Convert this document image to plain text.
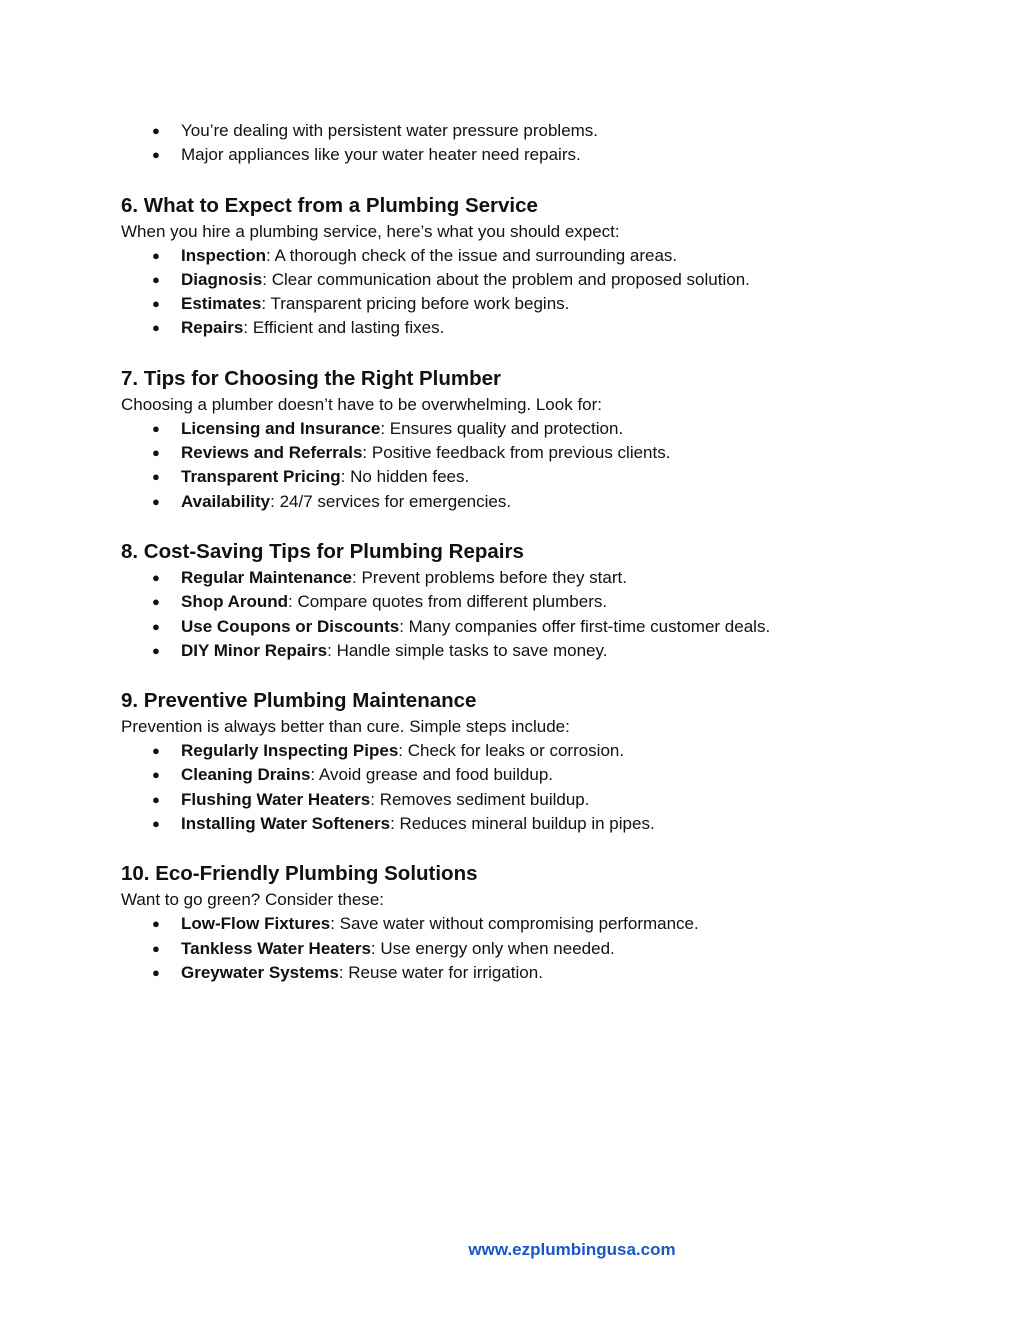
● You’re dealing with persistent water pressure problems.
● Major appliances like your water heater need repairs.
6. What to Expect from a Plumbing Service

When you hire a plumbing service, here’s what you should expect:

● Inspection: A thorough check of the issue and surrounding areas.
● Diagnosis: Clear communication about the problem and proposed solution.
● Estimates: Transparent pricing before work begins.
● Repairs: Efficient and lasting fixes.
7. Tips for Choosing the Right Plumber

Choosing a plumber doesn’t have to be overwhelming. Look for:

● Licensing and Insurance: Ensures quality and protection.
● Reviews and Referrals: Positive feedback from previous clients.
● Transparent Pricing: No hidden fees.
● Availability: 24/7 services for emergencies.
8. Cost-Saving Tips for Plumbing Repairs
● Regular Maintenance: Prevent problems before they start.
● Shop Around: Compare quotes from different plumbers.
● Use Coupons or Discounts: Many companies offer first-time customer deals.
● DIY Minor Repairs: Handle simple tasks to save money.
9. Preventive Plumbing Maintenance

Prevention is always better than cure. Simple steps include:

● Regularly Inspecting Pipes: Check for leaks or corrosion.
● Cleaning Drains: Avoid grease and food buildup.
● Flushing Water Heaters: Removes sediment buildup.
● Installing Water Softeners: Reduces mineral buildup in pipes.
10. Eco-Friendly Plumbing Solutions

Want to go green? Consider these:

● Low-Flow Fixtures: Save water without compromising performance.
● Tankless Water Heaters: Use energy only when needed.
● Greywater Systems: Reuse water for irrigation.
www.ezplumbingusa.com
